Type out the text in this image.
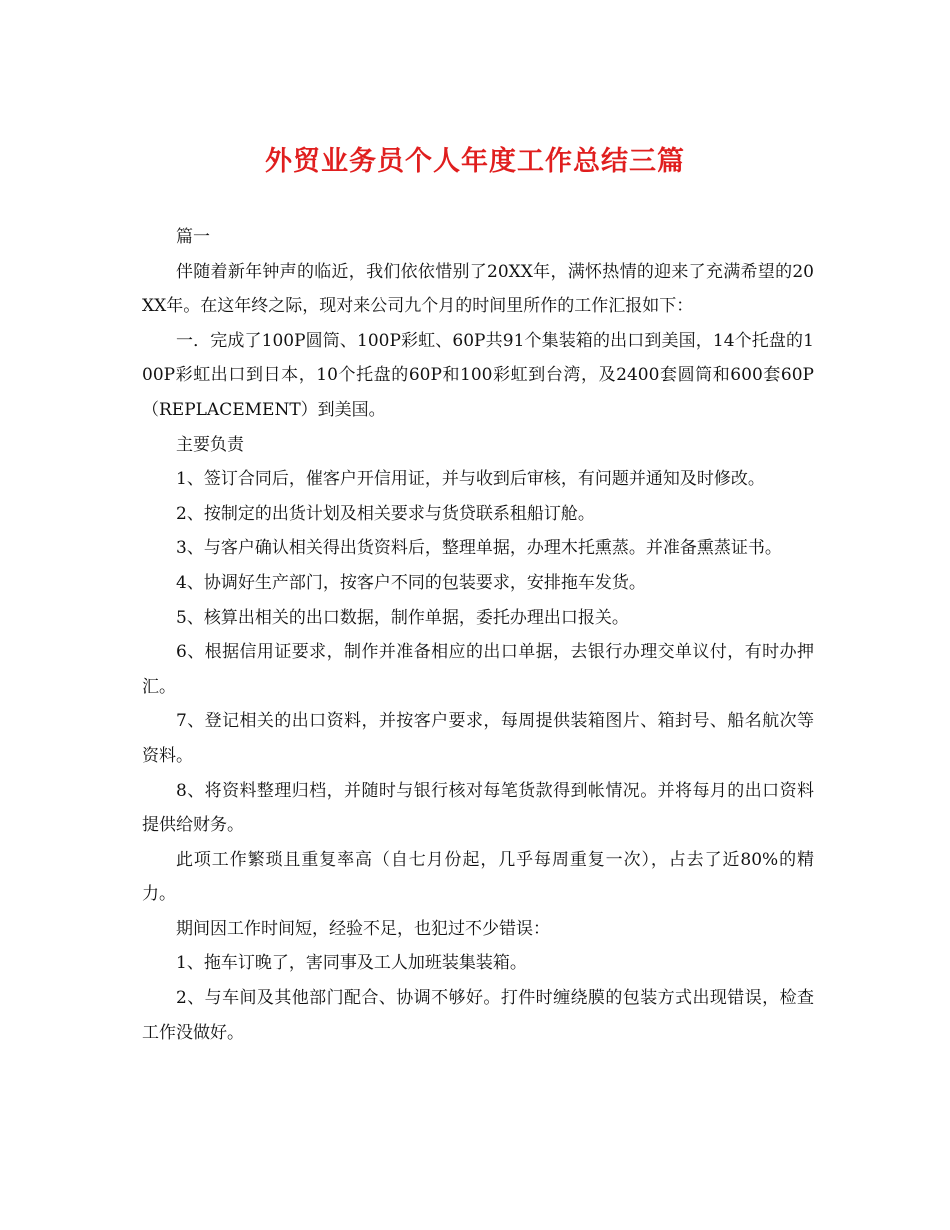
外贸业务员个人年度工作总结三篇

篇一

伴随着新年钟声的临近，我们依依惜别了20XX年，满怀热情的迎来了充满希望的20XX年。在这年终之际，现对来公司九个月的时间里所作的工作汇报如下：

一．完成了100P圆筒、100P彩虹、60P共91个集装箱的出口到美国，14个托盘的100P彩虹出口到日本，10个托盘的60P和100彩虹到台湾，及2400套圆筒和600套60P（REPLACEMENT）到美国。

主要负责

1、签订合同后，催客户开信用证，并与收到后审核，有问题并通知及时修改。

2、按制定的出货计划及相关要求与货贷联系租船订舱。

3、与客户确认相关得出货资料后，整理单据，办理木托熏蒸。并准备熏蒸证书。

4、协调好生产部门，按客户不同的包装要求，安排拖车发货。

5、核算出相关的出口数据，制作单据，委托办理出口报关。

6、根据信用证要求，制作并准备相应的出口单据，去银行办理交单议付，有时办押汇。

7、登记相关的出口资料，并按客户要求，每周提供装箱图片、箱封号、船名航次等资料。

8、将资料整理归档，并随时与银行核对每笔货款得到帐情况。并将每月的出口资料提供给财务。

此项工作繁琐且重复率高（自七月份起，几乎每周重复一次），占去了近80%的精力。

期间因工作时间短，经验不足，也犯过不少错误：

1、拖车订晚了，害同事及工人加班装集装箱。

2、与车间及其他部门配合、协调不够好。打件时缠绕膜的包装方式出现错误，检查工作没做好。
